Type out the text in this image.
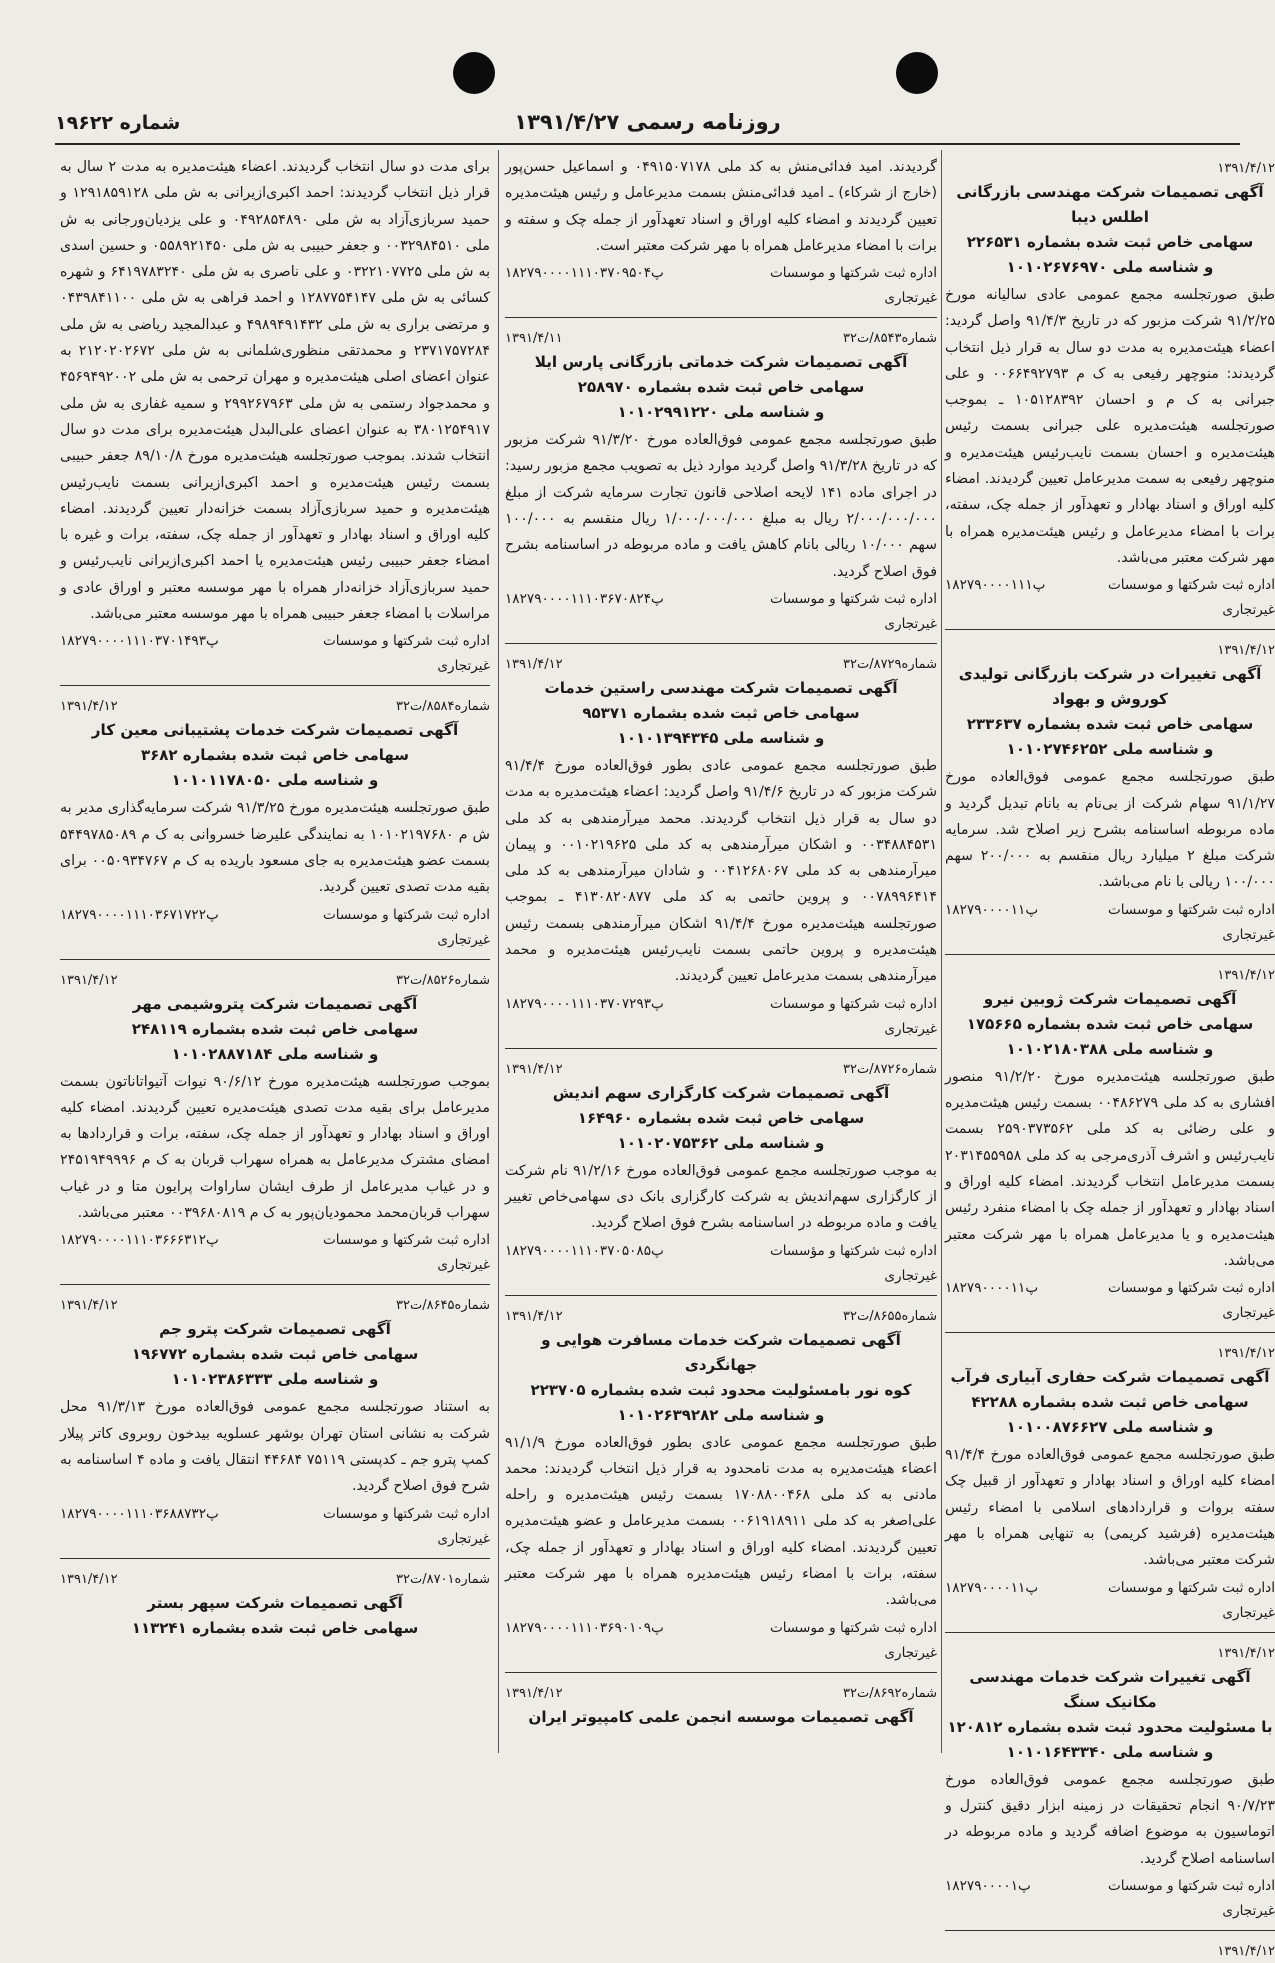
روزنامه رسمی ۱۳۹۱/۴/۲۷
شماره ۱۹۶۲۲
۱۳۹۱/۴/۱۲
آگهی تصمیمات شرکت مهندسی بازرگانی اطلس دیبا
سهامی خاص ثبت شده بشماره ۲۲۶۵۳۱
و شناسه ملی ۱۰۱۰۲۶۷۶۹۷۰
طبق صورتجلسه مجمع عمومی عادی سالیانه مورخ ۹۱/۲/۲۵ شرکت مزبور که در تاریخ ۹۱/۴/۳ واصل گردید: اعضاء هیئت‌مدیره به مدت دو سال به قرار ذیل انتخاب گردیدند: منوچهر رفیعی به ک م ۰۰۶۶۴۹۲۷۹۳ و علی جبرانی به ک م و احسان ۱۰۵۱۲۸۳۹۲ ـ بموجب صورتجلسه هیئت‌مدیره علی جبرانی بسمت رئیس هیئت‌مدیره و احسان بسمت نایب‌رئیس هیئت‌مدیره و منوچهر رفیعی به سمت مدیرعامل تعیین گردیدند. امضاء کلیه اوراق و اسناد بهادار و تعهدآور از جمله چک، سفته، برات با امضاء مدیرعامل و رئیس هیئت‌مدیره همراه با مهر شرکت معتبر می‌باشد.
اداره ثبت شرکتها و موسسات
پ۱۸۲۷۹۰۰۰۰۱۱۱
غیرتجاری
۱۳۹۱/۴/۱۲
آگهی تغییرات در شرکت بازرگانی تولیدی کوروش و بهواد
سهامی خاص ثبت شده بشماره ۲۳۳۶۳۷
و شناسه ملی ۱۰۱۰۲۷۴۶۲۵۲
طبق صورتجلسه مجمع عمومی فوق‌العاده مورخ ۹۱/۱/۲۷ سهام شرکت از بی‌نام به بانام تبدیل گردید و ماده مربوطه اساسنامه بشرح زیر اصلاح شد. سرمایه شرکت مبلغ ۲ میلیارد ریال منقسم به ۲۰۰/۰۰۰ سهم ۱۰۰/۰۰۰ ریالی با نام می‌باشد.
اداره ثبت شرکتها و موسسات
پ۱۸۲۷۹۰۰۰۰۱۱
غیرتجاری
۱۳۹۱/۴/۱۲
آگهی تصمیمات شرکت ژوبین نیرو
سهامی خاص ثبت شده بشماره ۱۷۵۶۶۵
و شناسه ملی ۱۰۱۰۲۱۸۰۳۸۸
طبق صورتجلسه هیئت‌مدیره مورخ ۹۱/۲/۲۰ منصور افشاری به کد ملی ۰۰۴۸۶۲۷۹ بسمت رئیس هیئت‌مدیره و علی رضائی به کد ملی ۲۵۹۰۳۷۳۵۶۲ بسمت نایب‌رئیس و اشرف آذری‌مرجی به کد ملی ۲۰۳۱۴۵۵۹۵۸ بسمت مدیرعامل انتخاب گردیدند. امضاء کلیه اوراق و اسناد بهادار و تعهدآور از جمله چک با امضاء منفرد رئیس هیئت‌مدیره و یا مدیرعامل همراه با مهر شرکت معتبر می‌باشد.
اداره ثبت شرکتها و موسسات
پ۱۸۲۷۹۰۰۰۰۱۱
غیرتجاری
۱۳۹۱/۴/۱۲
آگهی تصمیمات شرکت حفاری آبیاری فرآب
سهامی خاص ثبت شده بشماره ۴۲۲۸۸
و شناسه ملی ۱۰۱۰۰۸۷۶۶۲۷
طبق صورتجلسه مجمع عمومی فوق‌العاده مورخ ۹۱/۴/۴ امضاء کلیه اوراق و اسناد بهادار و تعهدآور از قبیل چک سفته بروات و قراردادهای اسلامی با امضاء رئیس هیئت‌مدیره (فرشید کریمی) به تنهایی همراه با مهر شرکت معتبر می‌باشد.
اداره ثبت شرکتها و موسسات
پ۱۸۲۷۹۰۰۰۰۱۱
غیرتجاری
۱۳۹۱/۴/۱۲
آگهی تغییرات شرکت خدمات مهندسی مکانیک سنگ
با مسئولیت محدود ثبت شده بشماره ۱۲۰۸۱۲
و شناسه ملی ۱۰۱۰۱۶۴۳۳۴۰
طبق صورتجلسه مجمع عمومی فوق‌العاده مورخ ۹۰/۷/۲۳ انجام تحقیقات در زمینه ابزار دقیق کنترل و اتوماسیون به موضوع اضافه گردید و ماده مربوطه در اساسنامه اصلاح گردید.
اداره ثبت شرکتها و موسسات
پ۱۸۲۷۹۰۰۰۰۱
غیرتجاری
۱۳۹۱/۴/۱۲
گردیدند. امید فدائی‌منش به کد ملی ۰۴۹۱۵۰۷۱۷۸ و اسماعیل حسن‌پور (خارج از شرکاء) ـ امید فدائی‌منش بسمت مدیرعامل و رئیس هیئت‌مدیره تعیین گردیدند و امضاء کلیه اوراق و اسناد تعهدآور از جمله چک و سفته و برات با امضاء مدیرعامل همراه با مهر شرکت معتبر است.
اداره ثبت شرکتها و موسسات
پ۱۸۲۷۹۰۰۰۰۱۱۱۰۳۷۰۹۵۰۴
غیرتجاری
شماره۸۵۴۳/ت۳۲
۱۳۹۱/۴/۱۱
آگهی تصمیمات شرکت خدماتی بازرگانی پارس ایلا
سهامی خاص ثبت شده بشماره ۲۵۸۹۷۰
و شناسه ملی ۱۰۱۰۲۹۹۱۲۲۰
طبق صورتجلسه مجمع عمومی فوق‌العاده مورخ ۹۱/۳/۲۰ شرکت مزبور که در تاریخ ۹۱/۳/۲۸ واصل گردید موارد ذیل به تصویب مجمع مزبور رسید: در اجرای ماده ۱۴۱ لایحه اصلاحی قانون تجارت سرمایه شرکت از مبلغ ۲/۰۰۰/۰۰۰/۰۰۰ ریال به مبلغ ۱/۰۰۰/۰۰۰/۰۰۰ ریال منقسم به ۱۰۰/۰۰۰ سهم ۱۰/۰۰۰ ریالی بانام کاهش یافت و ماده مربوطه در اساسنامه بشرح فوق اصلاح گردید.
اداره ثبت شرکتها و موسسات
پ۱۸۲۷۹۰۰۰۰۱۱۱۰۳۶۷۰۸۲۴
غیرتجاری
شماره۸۷۲۹/ت۳۲
۱۳۹۱/۴/۱۲
آگهی تصمیمات شرکت مهندسی راستین خدمات
سهامی خاص ثبت شده بشماره ۹۵۳۷۱
و شناسه ملی ۱۰۱۰۱۳۹۴۳۴۵
طبق صورتجلسه مجمع عمومی عادی بطور فوق‌العاده مورخ ۹۱/۴/۴ شرکت مزبور که در تاریخ ۹۱/۴/۶ واصل گردید: اعضاء هیئت‌مدیره به مدت دو سال به قرار ذیل انتخاب گردیدند. محمد میرآرمندهی به کد ملی ۰۰۳۴۸۸۴۵۳۱ و اشکان میرآرمندهی به کد ملی ۰۰۱۰۲۱۹۶۲۵ و پیمان میرآرمندهی به کد ملی ۰۰۴۱۲۶۸۰۶۷ و شادان میرآرمندهی به کد ملی ۰۰۷۸۹۹۶۴۱۴ و پروین حاتمی به کد ملی ۴۱۳۰۸۲۰۸۷۷ ـ بموجب صورتجلسه هیئت‌مدیره مورخ ۹۱/۴/۴ اشکان میرآرمندهی بسمت رئیس هیئت‌مدیره و پروین حاتمی بسمت نایب‌رئیس هیئت‌مدیره و محمد میرآرمندهی بسمت مدیرعامل تعیین گردیدند.
اداره ثبت شرکتها و موسسات
پ۱۸۲۷۹۰۰۰۰۱۱۱۰۳۷۰۷۲۹۳
غیرتجاری
شماره۸۷۲۶/ت۳۲
۱۳۹۱/۴/۱۲
آگهی تصمیمات شرکت کارگزاری سهم اندیش
سهامی خاص ثبت شده بشماره ۱۶۴۹۶۰
و شناسه ملی ۱۰۱۰۲۰۷۵۳۶۲
به موجب صورتجلسه مجمع عمومی فوق‌العاده مورخ ۹۱/۲/۱۶ نام شرکت از کارگزاری سهم‌اندیش به شرکت کارگزاری بانک دی سهامی‌خاص تغییر یافت و ماده مربوطه در اساسنامه بشرح فوق اصلاح گردید.
اداره ثبت شرکتها و مؤسسات
پ۱۸۲۷۹۰۰۰۰۱۱۱۰۳۷۰۵۰۸۵
غیرتجاری
شماره۸۶۵۵/ت۳۲
۱۳۹۱/۴/۱۲
آگهی تصمیمات شرکت خدمات مسافرت هوایی و جهانگردی
کوه نور بامسئولیت محدود ثبت شده بشماره ۲۲۳۷۰۵
و شناسه ملی ۱۰۱۰۲۶۳۹۲۸۲
طبق صورتجلسه مجمع عمومی عادی بطور فوق‌العاده مورخ ۹۱/۱/۹ اعضاء هیئت‌مدیره به مدت نامحدود به قرار ذیل انتخاب گردیدند: محمد مادنی به کد ملی ۱۷۰۸۸۰۰۴۶۸ بسمت رئیس هیئت‌مدیره و راحله علی‌اصغر به کد ملی ۰۰۶۱۹۱۸۹۱۱ بسمت مدیرعامل و عضو هیئت‌مدیره تعیین گردیدند. امضاء کلیه اوراق و اسناد بهادار و تعهدآور از جمله چک، سفته، برات با امضاء رئیس هیئت‌مدیره همراه با مهر شرکت معتبر می‌باشد.
اداره ثبت شرکتها و موسسات
پ۱۸۲۷۹۰۰۰۰۱۱۱۰۳۶۹۰۱۰۹
غیرتجاری
شماره۸۶۹۲/ت۳۲
۱۳۹۱/۴/۱۲
آگهی تصمیمات موسسه انجمن علمی کامپیوتر ایران
برای مدت دو سال انتخاب گردیدند. اعضاء هیئت‌مدیره به مدت ۲ سال به قرار ذیل انتخاب گردیدند: احمد اکبری‌ازیرانی به ش ملی ۱۲۹۱۸۵۹۱۲۸ و حمید سربازی‌آزاد به ش ملی ۰۴۹۲۸۵۴۸۹۰ و علی یزدیان‌ورجانی به ش ملی ۰۰۳۲۹۸۴۵۱۰ و جعفر حبیبی به ش ملی ۰۵۵۸۹۲۱۴۵۰ و حسین اسدی به ش ملی ۰۳۲۲۱۰۷۷۲۵ و علی ناصری به ش ملی ۶۴۱۹۷۸۳۲۴۰ و شهره کسائی به ش ملی ۱۲۸۷۷۵۴۱۴۷ و احمد فراهی به ش ملی ۰۴۳۹۸۴۱۱۰۰ و مرتضی براری به ش ملی ۴۹۸۹۴۹۱۴۳۲ و عبدالمجید ریاضی به ش ملی ۲۳۷۱۷۵۷۲۸۴ و محمدتقی منظوری‌شلمانی به ش ملی ۲۱۲۰۲۰۲۶۷۲ به عنوان اعضای اصلی هیئت‌مدیره و مهران ترحمی به ش ملی ۴۵۶۹۴۹۲۰۰۲ و محمدجواد رستمی به ش ملی ۲۹۹۲۶۷۹۶۳ و سمیه غفاری به ش ملی ۳۸۰۱۲۵۴۹۱۷ به عنوان اعضای علی‌البدل هیئت‌مدیره برای مدت دو سال انتخاب شدند. بموجب صورتجلسه هیئت‌مدیره مورخ ۸۹/۱۰/۸ جعفر حبیبی بسمت رئیس هیئت‌مدیره و احمد اکبری‌ازیرانی بسمت نایب‌رئیس هیئت‌مدیره و حمید سربازی‌آزاد بسمت خزانه‌دار تعیین گردیدند. امضاء کلیه اوراق و اسناد بهادار و تعهدآور از جمله چک، سفته، برات و غیره با امضاء جعفر حبیبی رئیس هیئت‌مدیره یا احمد اکبری‌ازیرانی نایب‌رئیس و حمید سربازی‌آزاد خزانه‌دار همراه با مهر موسسه معتبر و اوراق عادی و مراسلات با امضاء جعفر حبیبی همراه با مهر موسسه معتبر می‌باشد.
اداره ثبت شرکتها و موسسات
پ۱۸۲۷۹۰۰۰۰۱۱۱۰۳۷۰۱۴۹۳
غیرتجاری
شماره۸۵۸۴/ت۳۲
۱۳۹۱/۴/۱۲
آگهی تصمیمات شرکت خدمات پشتیبانی معین کار
سهامی خاص ثبت شده بشماره ۳۶۸۲
و شناسه ملی ۱۰۱۰۱۱۷۸۰۵۰
طبق صورتجلسه هیئت‌مدیره مورخ ۹۱/۳/۲۵ شرکت سرمایه‌گذاری مدیر به ش م ۱۰۱۰۲۱۹۷۶۸۰ به نمایندگی علیرضا خسروانی به ک م ۵۴۴۹۷۸۵۰۸۹ بسمت عضو هیئت‌مدیره به جای مسعود باریده به ک م ۰۰۵۰۹۳۴۷۶۷ برای بقیه مدت تصدی تعیین گردید.
اداره ثبت شرکتها و موسسات
پ۱۸۲۷۹۰۰۰۰۱۱۱۰۳۶۷۱۷۲۲
غیرتجاری
شماره۸۵۲۶/ت۳۲
۱۳۹۱/۴/۱۲
آگهی تصمیمات شرکت پتروشیمی مهر
سهامی خاص ثبت شده بشماره ۲۴۸۱۱۹
و شناسه ملی ۱۰۱۰۲۸۸۷۱۸۴
بموجب صورتجلسه هیئت‌مدیره مورخ ۹۰/۶/۱۲ نیوات آتیواتاناتون بسمت مدیرعامل برای بقیه مدت تصدی هیئت‌مدیره تعیین گردیدند. امضاء کلیه اوراق و اسناد بهادار و تعهدآور از جمله چک، سفته، برات و قراردادها به امضای مشترک مدیرعامل به همراه سهراب قربان به ک م ۲۴۵۱۹۴۹۹۹۶ و در غیاب مدیرعامل از طرف ایشان ساراوات پرایون متا و در غیاب سهراب قربان‌محمد محمودیان‌پور به ک م ۰۰۳۹۶۸۰۸۱۹ معتبر می‌باشد.
اداره ثبت شرکتها و موسسات
پ۱۸۲۷۹۰۰۰۰۱۱۱۰۳۶۶۶۳۱۲
غیرتجاری
شماره۸۶۴۵/ت۳۲
۱۳۹۱/۴/۱۲
آگهی تصمیمات شرکت پترو جم
سهامی خاص ثبت شده بشماره ۱۹۶۷۷۲
و شناسه ملی ۱۰۱۰۲۳۸۶۳۳۳
به استناد صورتجلسه مجمع عمومی فوق‌العاده مورخ ۹۱/۳/۱۳ محل شرکت به نشانی استان تهران بوشهر عسلویه بیدخون روبروی کاتر پیلار کمپ پترو جم ـ کدپستی ۷۵۱۱۹ ۴۴۶۸۴ انتقال یافت و ماده ۴ اساسنامه به شرح فوق اصلاح گردید.
اداره ثبت شرکتها و موسسات
پ۱۸۲۷۹۰۰۰۰۱۱۱۰۳۶۸۸۷۳۲
غیرتجاری
شماره۸۷۰۱/ت۳۲
۱۳۹۱/۴/۱۲
آگهی تصمیمات شرکت سپهر بستر
سهامی خاص ثبت شده بشماره ۱۱۳۲۴۱
